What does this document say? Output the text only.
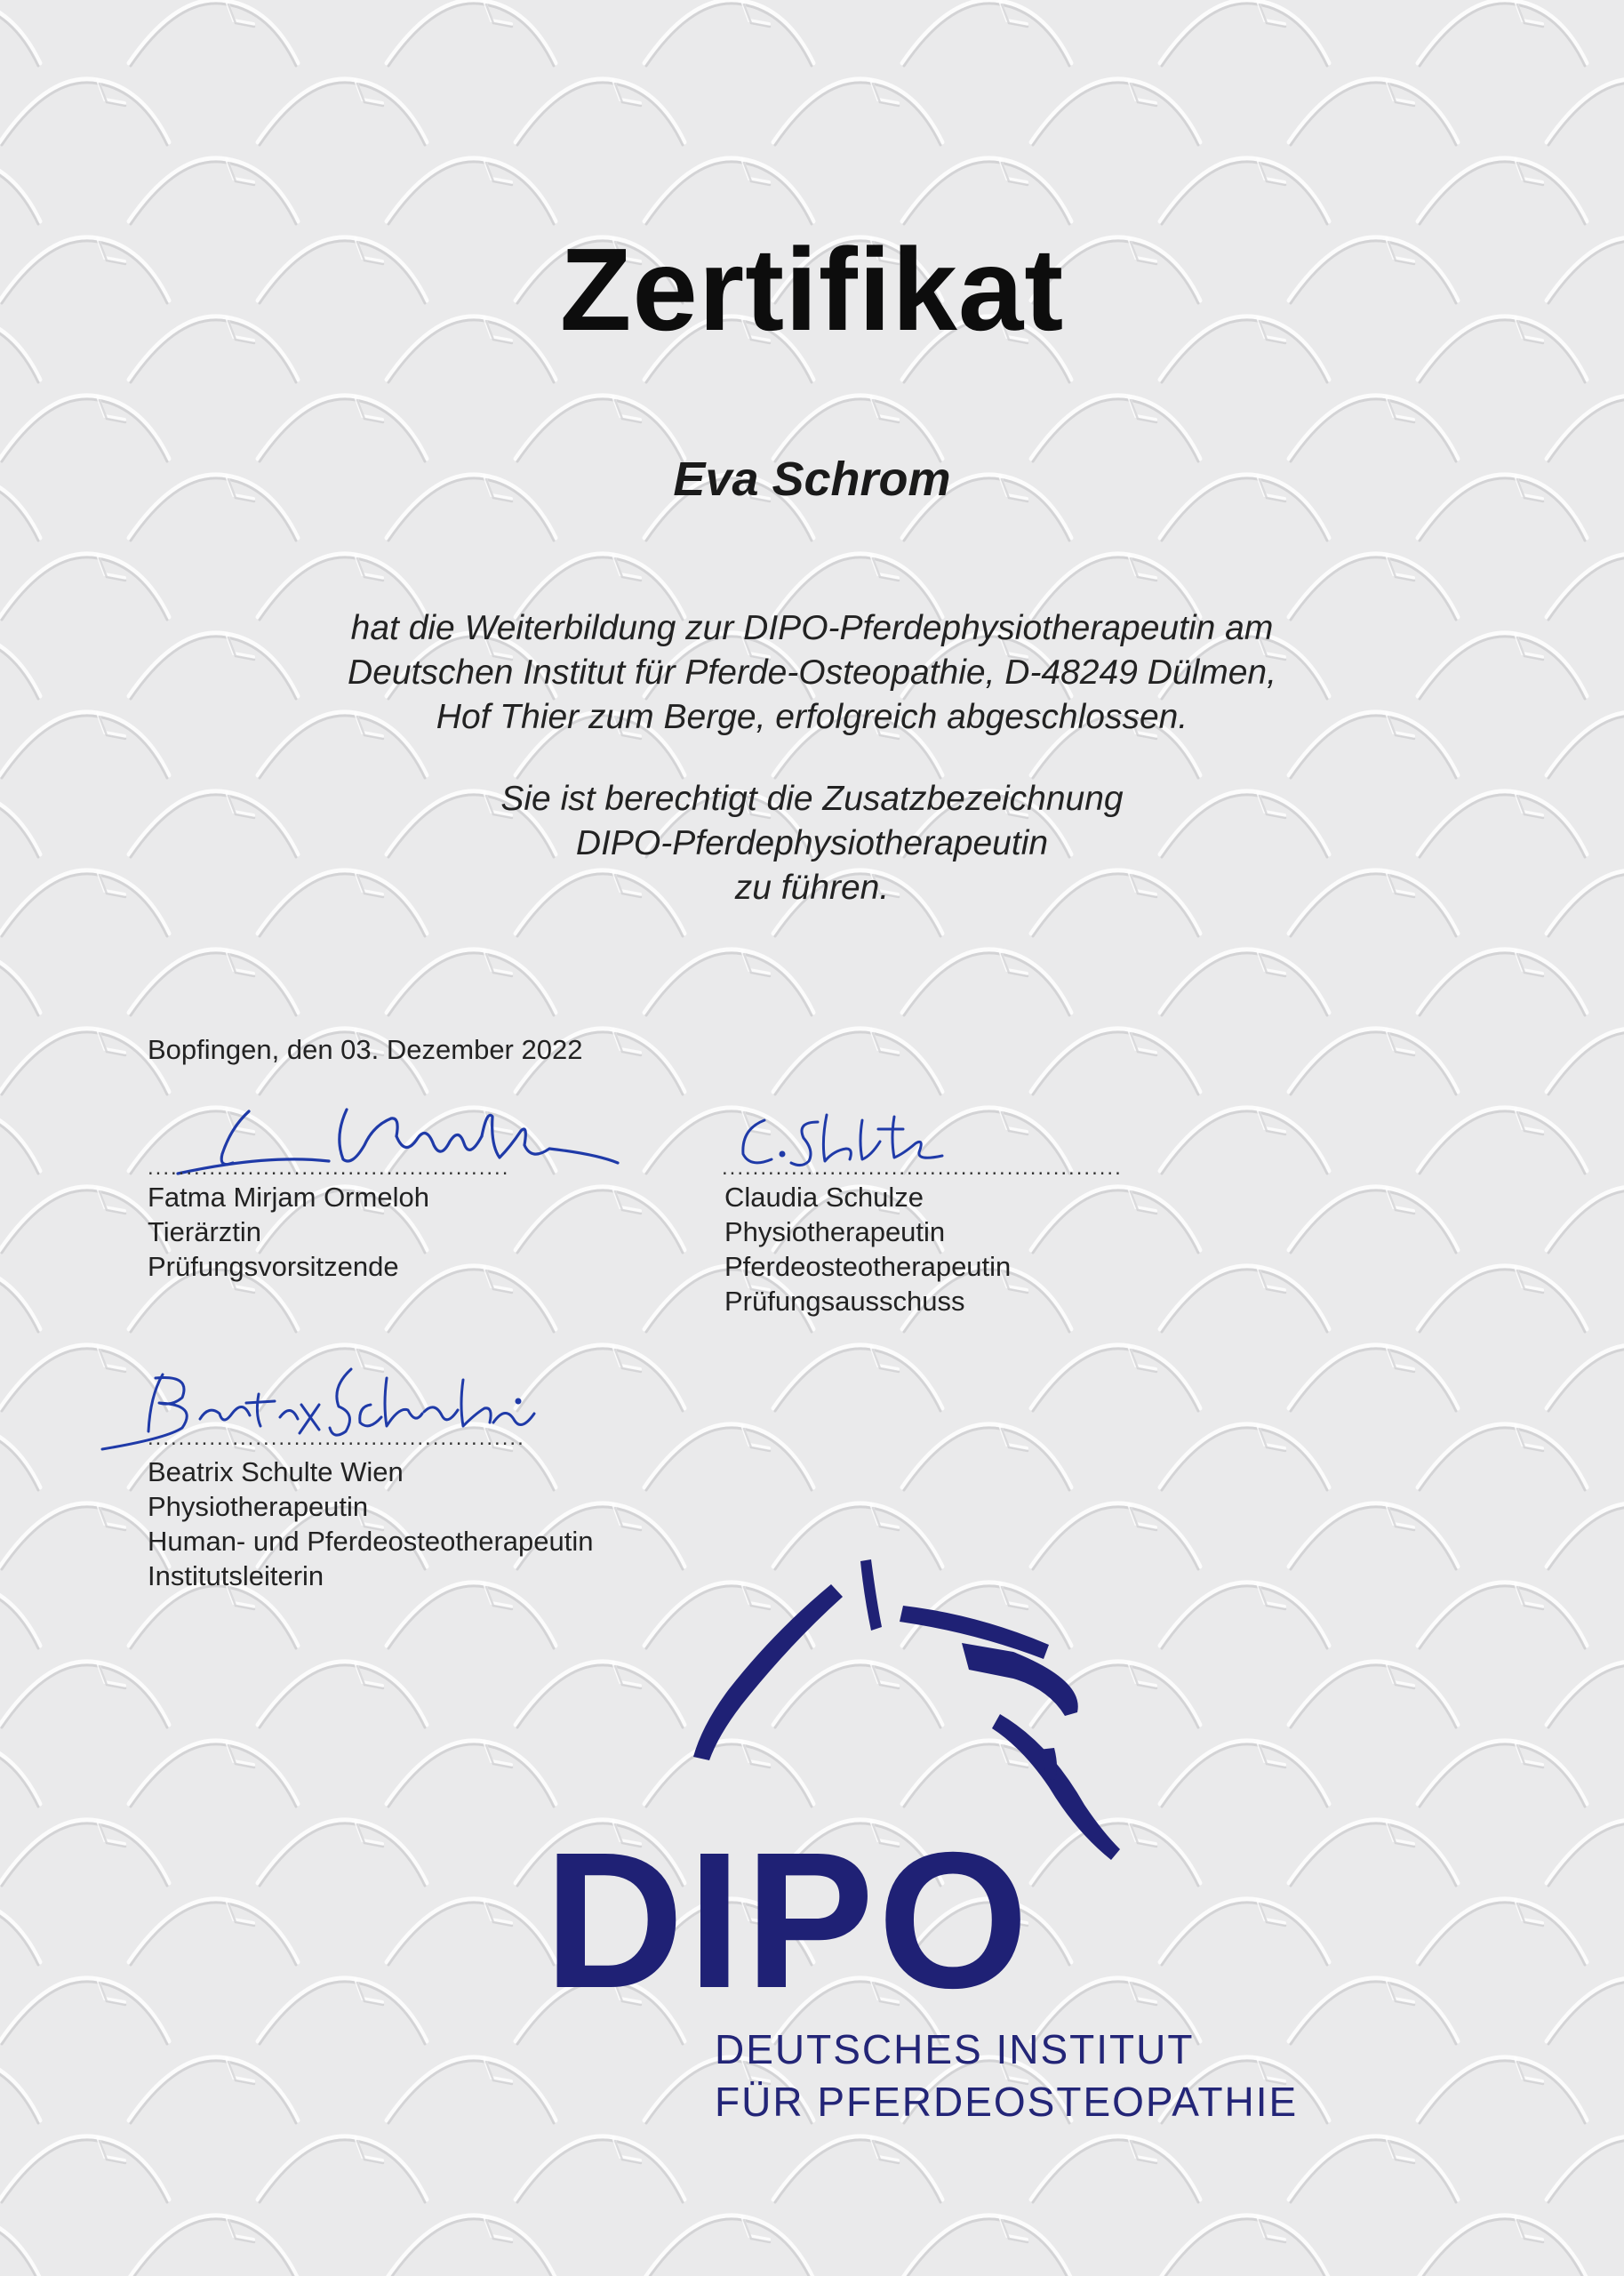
Zertifikat
Eva Schrom
hat die Weiterbildung zur DIPO-Pferdephysiotherapeutin am
Deutschen Institut für Pferde-Osteopathie, D-48249 Dülmen,
Hof Thier zum Berge, erfolgreich abgeschlossen.
Sie ist berechtigt die Zusatzbezeichnung
DIPO-Pferdephysiotherapeutin
zu führen.
Bopfingen, den 03. Dezember 2022
...............................................
Fatma Mirjam Ormeloh
Tierärztin
Prüfungsvorsitzende
....................................................
Claudia Schulze
Physiotherapeutin
Pferdeosteotherapeutin
Prüfungsausschuss
.................................................
Beatrix Schulte Wien
Physiotherapeutin
Human- und Pferdeosteotherapeutin
Institutsleiterin
DIPO
DEUTSCHES INSTITUT
FÜR PFERDEOSTEOPATHIE
